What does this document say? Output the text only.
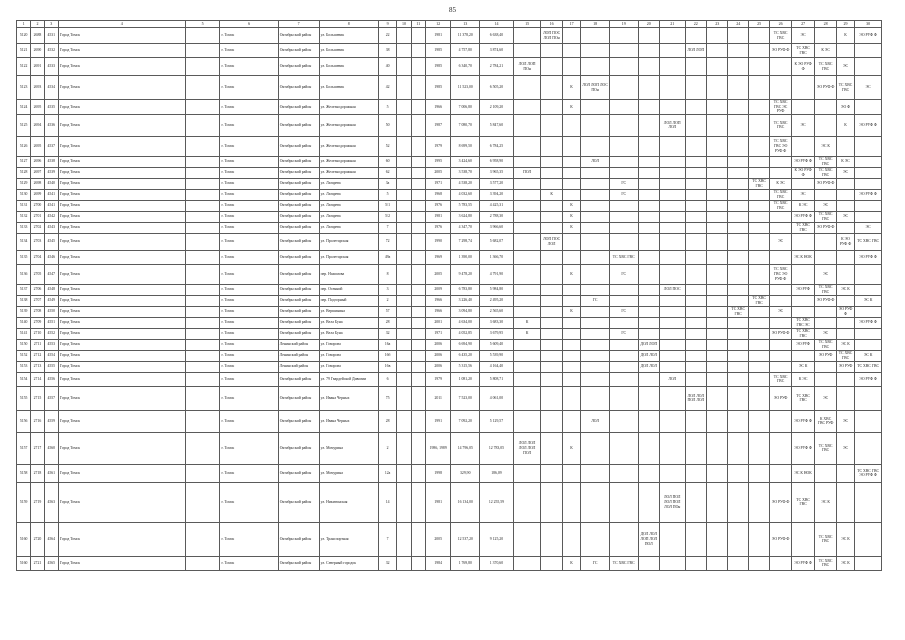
85
1	2	3	4	5	6	7	8	9	10	11	12	13	14	15	16	17	18	19	20	21	22	23	24	25	26	27	28	29	30
5120	2688	4531	Город Томск		г. Томск	Октябрьский район	ул. Большевик	22			1981	11 378,20	6 638,40		ЛОП ПОС ЛОЛ ПОн										ТС ХВС ГВС	ЭС		К	ЭО РУФ Ф
5121	2690	4532	Город Томск		г. Томск	Октябрьский район	ул. Большевик	38			1985	4 757,80	3 874,60								ЛОЛ ЛОП				ЭО РУФ Ф	ТС ХВС ГВС	К ЭС		
5122	2691	4533	Город Томск		г. Томск	Октябрьский район	ул. Большевик	40			1985	6 340,70	2 784,21	ЛОЛ ЛОП ПОн												К ЭО РУФ Ф	ТС ХВС ГВС	ЭС	
5123	2693	4534	Город Томск		г. Томск	Октябрьский район	ул. Большевик	42			1985	11 523,00	6 505,20			К	ЛОЛ ЛОП ЛОС ПОн										ЭО РУФ Ф	ТС ХВС ГВС	ЭС
5124	2695	4535	Город Томск		г. Томск	Октябрьский район	ул. Железнодорожная	5			1966	7 006,80	2 109,20			К									ТС ХВС ГВС ЭС РУФ			ЭО Ф	
5125	2694	4536	Город Томск		г. Томск	Октябрьский район	ул. Железнодорожная	50			1987	7 080,70	5 847,60							ЛОЛ ЛОП ЛОЛ					ТС ХВС ГВС	ЭС		К	ЭО РУФ Ф
5126	2695	4537	Город Томск		г. Томск	Октябрьский район	ул. Железнодорожная	52			1979	8 699,50	6 784,25												ТС ХВС ГВС ЭО РУФ Ф		ЭС К		
5127	2696	4538	Город Томск		г. Томск	Октябрьский район	ул. Железнодорожная	60			1995	3 424,60	6 958,90				ЛОЛ									ЭО РУФ Ф	ТС ХВС ГВС	К ЭС	
5128	2697	4539	Город Томск		г. Томск	Октябрьский район	ул. Железнодорожная	62			2005	3 538,70	3 965,35	ПОЛ												К ЭО РУФ Ф	ТС ХВС ГВС	ЭС	
5129	2698	4540	Город Томск		г. Томск	Октябрьский район	ул. Лазарева	3а			1971	4 538,20	3 577,20					ГС						ТС ХВС ГВС	К ЭС		ЭО РУФ Ф		
5130	2699	4541	Город Томск		г. Томск	Октябрьский район	ул. Лазарева	5			1968	4 032,60	3 394,20		К			ГС							ТС ХВС ГВС	ЭС			ЭО РУФ Ф
5131	2700	4541	Город Томск		г. Томск	Октябрьский район	ул. Лазарева	5/1			1976	5 783,55	4 425,31			К									ТС ХВС ГВС	К ЭС	ЭС		
5132	2701	4542	Город Томск		г. Томск	Октябрьский район	ул. Лазарева	5/2			1981	3 624,80	2 788,30			К										ЭО РУФ Ф	ТС ХВС ГВС	ЭС	
5133	2702	4543	Город Томск		г. Томск	Октябрьский район	ул. Лазарева	7			1976	4 347,70	3 966,60			К										ТС ХВС ГВС	ЭО РУФ Ф		ЭС
5134	2703	4545	Город Томск		г. Томск	Октябрьский район	ул. Пролетарская	72			1990	7 298,74	5 682,07		ЛОП ПОС ЛОЛ										ЭС			К ЭО РУФ Ф	ТС ХВС ГВС
5135	2704	4546	Город Томск		г. Томск	Октябрьский район	ул. Пролетарская	49а			1969	1 390,00	1 366,70					ТС ХВС ГВС								ЭС К НОК			ЭО РУФ Ф
5136	2705	4547	Город Томск		г. Томск	Октябрьский район	пер. Нахимова	8			2005	9 478,20	4 791,90			К		ГС							ТС ХВС ГВС ЭО РУФ Ф		ЭС		
5137	2706	4548	Город Томск		г. Томск	Октябрьский район	пер. Осенний	3			2009	6 783,80	5 984,80							ЛОЛ ПОС						ЭО РУФ	ТС ХВС ГВС	ЭС К	
5138	2707	4549	Город Томск		г. Томск	Октябрьский район	пер. Подгорный	2			1966	3 226,40	2 495,20				ГС							ТС ХВС ГВС			ЭО РУФ Ф		ЭС К
5139	2708	4550	Город Томск		г. Томск	Октябрьский район	ул. Вершинина	57			1966	3 094,80	2 565,60			К		ГС					ТС ХВС ГВС		ЭС			ЭО РУФ Ф	
5140	2709	4551	Город Томск		г. Томск	Октябрьский район	ул. Вела Буна	28			2001	4 634,00	3 683,30	К												ТС ХВС ГВС ЭС			ЭО РУФ Ф
5141	2710	4552	Город Томск		г. Томск	Октябрьский район	ул. Вела Буна	32			1971	4 052,85	3 679,95	К				ГС							ЭО РУФ Ф	ТС ХВС ГВС	ЭС		
5150	2711	4553	Город Томск		г. Томск	Ленинский район	ул. Говорова	16а			2006	6 694,90	5 609,40						ДОЛ ЛОП							ЭО РУФ	ТС ХВС ГВС	ЭС К	
5152	2712	4554	Город Томск		г. Томск	Ленинский район	ул. Говорова	16б			2006	6 435,20	5 539,90						ДОЛ ЛОЛ								ЭО РУФ	ТС ХВС ГВС	ЭС К
5153	2713	4555	Город Томск		г. Томск	Ленинский район	ул. Говорова	16в			2006	5 315,56	4 164,40						ДОЛ ЛОЛ							ЭС К		ЭО РУФ	ТС ХВС ГВС
5154	2714	4556	Город Томск		г. Томск	Октябрьский район	ул. 79 Гвардейской Дивизии	6			1979	1 081,20	5 808,71							ЛОЛ					ТС ХВС ГВС	К ЭС			ЭО РУФ Ф
5155	2715	4557	Город Томск		г. Томск	Октябрьский район	ул. Ивана Черных	75			2011	7 523,00	4 061,00								ЛОЛ ЛОЛ ПОЛ ЛОЛ				ЭО РУФ	ТС ХВС ГВС	ЭС		
5156	2716	4559	Город Томск		г. Томск	Октябрьский район	ул. Ивана Черных	28			1991	7 092,20	5 129,57				ЛОЛ									ЭО РУФ Ф	К ХВС ГВС РУФ	ЭС	
5157	2717	4560	Город Томск		г. Томск	Октябрьский район	ул. Мичурина	2			1986, 1989	14 796,05	12 783,05	ЛОЛ ЛОЛ ЛОЛ ЛОЛ ПОЛ		К										ЭО РУФ Ф	ТС ХВС ГВС	ЭС	
5158	2718	4561	Город Томск		г. Томск	Октябрьский район	ул. Мичурина	12а			1998	329,90	186,09													ЭС К НОК			ТС ХВС ГВС ЭО РУФ Ф
5159	2719	4563	Город Томск		г. Томск	Октябрьский район	ул. Никитинская	14			1981	16 134,00	12 255,59							ЛОЛ ПОЛ ЛОЛ ПОЛ ЛОЛ ПОн					ЭО РУФ Ф	ТС ХВС ГВС	ЭС К		
5160	2720	4564	Город Томск		г. Томск	Октябрьский район	ул. Транспортная	7			2005	12 537,20	9 125,20						ДОЛ ЛОЛ ЛОП ЛОЛ ПОЛ						ЭО РУФ Ф		ТС ХВС ГВС	ЭС К	
5160	2721	4565	Город Томск		г. Томск	Октябрьский район	ул. Северный городок	32			1984	1 769,80	1 370,60			К	ГС	ТС ХВС ГВС								ЭО РУФ Ф	ТС ХВС ГВС	ЭС К	
